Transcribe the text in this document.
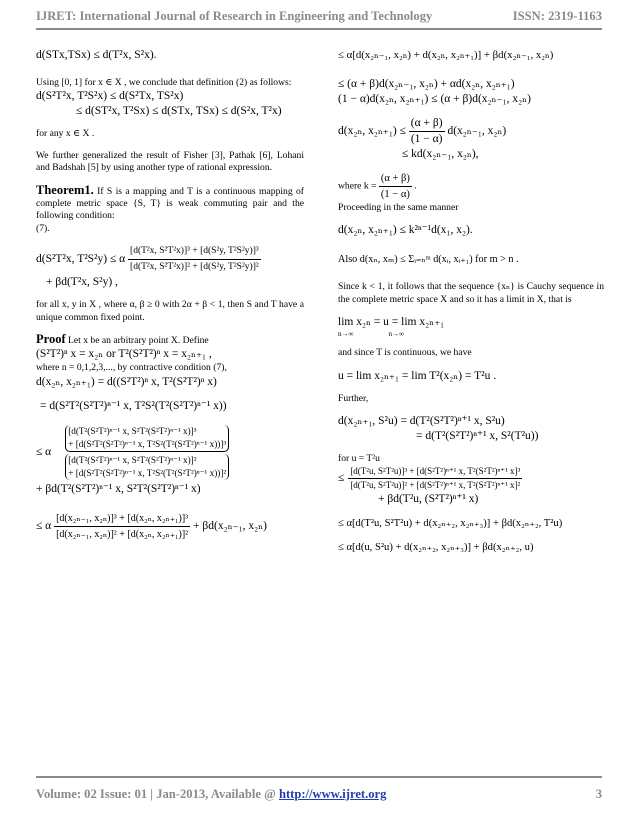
IJRET: International Journal of Research in Engineering and Technology	ISSN: 2319-1163
d(STx,TSx) ≤ d(T²x, S²x).

Using [0, 1] for x ∈ X , we conclude that definition (2) as follows:

d(S²T²x, T²S²x) ≤ d(S²Tx, TS²x)
≤ d(ST²x, T²Sx) ≤ d(STx, TSx) ≤ d(S²x, T²x)

for any x ∈ X .

We further generalized the result of Fisher [3], Pathak [6], Lohani and Badshah [5] by using another type of rational expression.

Theorem1. If S is a mapping and T is a continuous mapping of complete metric space {S, T} is weak commuting pair and the following condition:

(7).

d(S²T²x, T²S²y) ≤ α $\frac{\text{[d(T²x, S²T²x)]³ + [d(S²y, T²S²y)]³}}{\text{[d(T²x, S²T²x)]² + [d(S²y, T²S²y)]²}}$
+ βd(T²x, S²y) ,

for all x, y in X , where α, β ≥ 0 with 2α + β < 1, then S and T have a unique common fixed point.

Proof Let x be an arbitrary point X. Define

(S²T²)ⁿ x = x₂ₙ or T²(S²T²)ⁿ x = x₂ₙ₊₁ ,

where n = 0,1,2,3,..., by contractive condition (7),

d(x₂ₙ, x₂ₙ₊₁) = d((S²T²)ⁿ x, T²(S²T²)ⁿ x)
= d(S²T²(S²T²)ⁿ⁻¹ x, T²S²(T²(S²T²)ⁿ⁻¹ x))
≤ α
[d(T²(S²T²)ⁿ⁻¹ x, S²T²(S²T²)ⁿ⁻¹ x)]³
+ [d(S²T²(S²T²)ⁿ⁻¹ x, T²S²(T²(S²T²)ⁿ⁻¹ x))]³
[d(T²(S²T²)ⁿ⁻¹ x, S²T²(S²T²)ⁿ⁻¹ x)]²
+ [d(S²T²(S²T²)ⁿ⁻¹ x, T²S²(T²(S²T²)ⁿ⁻¹ x))]²
+ βd(T²(S²T²)ⁿ⁻¹ x, S²T²(S²T²)ⁿ⁻¹ x)
≤ α $\frac{\text{[d(x₂ₙ₋₁, x₂ₙ)]³ + [d(x₂ₙ, x₂ₙ₊₁)]³}}{\text{[d(x₂ₙ₋₁, x₂ₙ)]² + [d(x₂ₙ, x₂ₙ₊₁)]²}} + \beta d(x_{2n-1}$, x₂ₙ)
≤ α[d(x₂ₙ₋₁, x₂ₙ) + d(x₂ₙ, x₂ₙ₊₁)] + βd(x₂ₙ₋₁, x₂ₙ)
≤ (α + β)d(x₂ₙ₋₁, x₂ₙ) + αd(x₂ₙ, x₂ₙ₊₁)
(1 − α)d(x₂ₙ, x₂ₙ₊₁) ≤ (α + β)d(x₂ₙ₋₁, x₂ₙ)
d(x₂ₙ, $x_{2n+1}) \le \frac{(\alpha + \beta)}{(1 - \alpha)} d(x_{2n-1}$, x₂ₙ)
≤ kd(x₂ₙ₋₁, x₂ₙ),
where $k = \frac{(\alpha + \beta)}{(1 - \alpha)}$ .

Proceeding in the same manner

d(x₂ₙ, x₂ₙ₊₁) ≤ k²ⁿ⁻¹d(x₁, x₂).
Also d(xₙ, xₘ) ≤ Σᵢ₌ₙᵐ d(xᵢ, xᵢ₊₁) for m > n .

Since k < 1, it follows that the sequence {xₙ} is Cauchy sequence in the complete metric space X and so it has a limit in X, that is

lim x₂ₙ = u = lim x₂ₙ₊₁
n→∞                    n→∞

and since T is continuous, we have

u = lim x₂ₙ₊₁ = lim T²(x₂ₙ) = T²u .

Further,

d(x₂ₙ₊₁, S²u) = d(T²(S²T²)ⁿ⁺¹ x, S²u)
= d(T²(S²T²)ⁿ⁺¹ x, S²(T²u))

for u = T²u

≤ $\frac{\text{[d(T²u, S²T²u)]³ + [d(S²T²)ⁿ⁺¹ x, T²(S²T²)ⁿ⁺¹ x]³}}{\text{[d(T²u, S²T²u)]² + [d(S²T²)ⁿ⁺¹ x, T²(S²T²)ⁿ⁺¹ x]²}}$
+ βd(T²u, (S²T²)ⁿ⁺¹ x)
≤ α[d(T²u, S²T²u) + d(x₂ₙ₊₂, x₂ₙ₊₃)] + βd(x₂ₙ₊₂, T²u)
≤ α[d(u, S²u) + d(x₂ₙ₊₂, x₂ₙ₊₃)] + βd(x₂ₙ₊₂, u)
Volume: 02 Issue: 01 | Jan-2013, Available @ http://www.ijret.org	3
